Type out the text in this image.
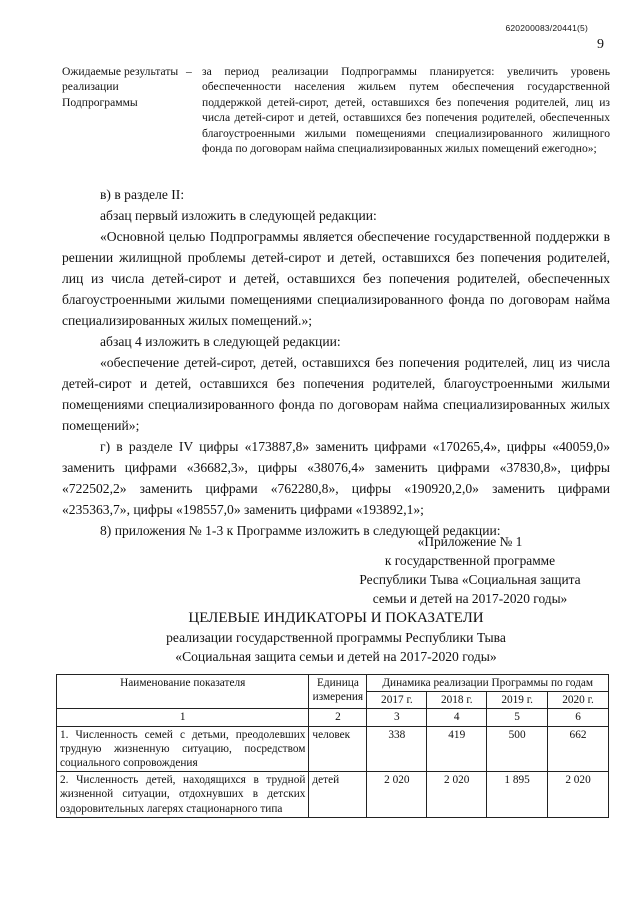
620200083/20441(5)
9
Ожидаемые результаты реализации Подпрограммы
– за период реализации Подпрограммы планируется: увеличить уровень обеспеченности населения жильем путем обеспечения государственной поддержкой детей-сирот, детей, оставшихся без попечения родителей, лиц из числа детей-сирот и детей, оставшихся без попечения родителей, обеспеченных благоустроенными жилыми помещениями специализированного жилищного фонда по договорам найма специализированных жилых помещений ежегодно»;

в) в разделе II:

абзац первый изложить в следующей редакции:

«Основной целью Подпрограммы является обеспечение государственной поддержки в решении жилищной проблемы детей-сирот и детей, оставшихся без попечения родителей, лиц из числа детей-сирот и детей, оставшихся без попечения родителей, обеспеченных благоустроенными жилыми помещениями специализированного фонда по договорам найма специализированных жилых помещений.»;

абзац 4 изложить в следующей редакции:

«обеспечение детей-сирот, детей, оставшихся без попечения родителей, лиц из числа детей-сирот и детей, оставшихся без попечения родителей, благоустроенными жилыми помещениями специализированного фонда по договорам найма специализированных жилых помещений»;

г) в разделе IV цифры «173887,8» заменить цифрами «170265,4», цифры «40059,0» заменить цифрами «36682,3», цифры «38076,4» заменить цифрами «37830,8», цифры «722502,2» заменить цифрами «762280,8», цифры «190920,2,0» заменить цифрами «235363,7», цифры «198557,0» заменить цифрами «193892,1»;

8) приложения № 1-3 к Программе изложить в следующей редакции:

«Приложение № 1
к государственной программе
Республики Тыва «Социальная защита
семьи и детей на 2017-2020 годы»
ЦЕЛЕВЫЕ ИНДИКАТОРЫ И ПОКАЗАТЕЛИ
реализации государственной программы Республики Тыва
«Социальная защита семьи и детей на 2017-2020 годы»
Наименование показателя	Единица измерения	Динамика реализации Программы по годам			
		2017 г.	2018 г.	2019 г.	2020 г.
1	2	3	4	5	6
1. Численность семей с детьми, преодолевших трудную жизненную ситуацию, посредством социального сопровождения	человек	338	419	500	662
2. Численность детей, находящихся в трудной жизненной ситуации, отдохнувших в детских оздоровительных лагерях стационарного типа	детей	2 020	2 020	1 895	2 020
